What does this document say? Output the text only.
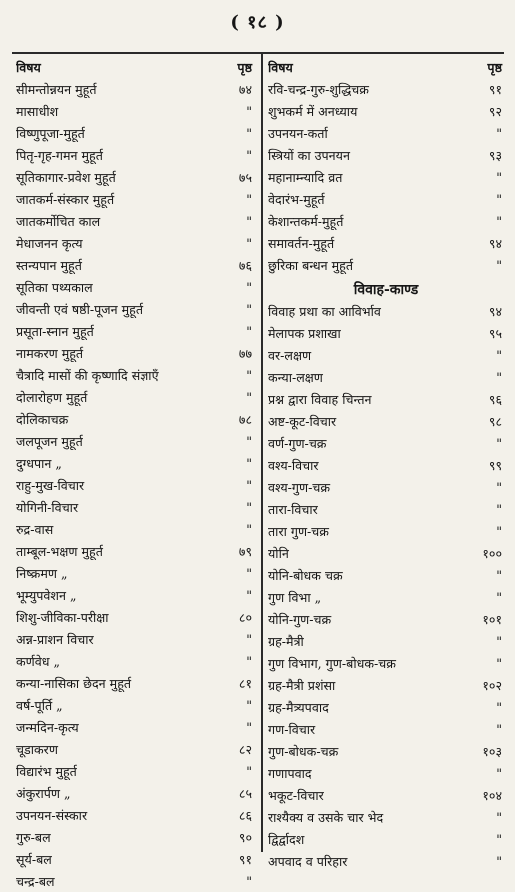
( १८ )
विषय	पृष्ठ
सीमन्तोन्नयन मुहूर्त	७४
मासाधीश	"
विष्णुपूजा-मुहूर्त	"
पितृ-गृह-गमन मुहूर्त	"
सूतिकागार-प्रवेश मुहूर्त	७५
जातकर्म-संस्कार मुहूर्त	"
जातकर्मोचित काल	"
मेधाजनन कृत्य	"
स्तन्यपान मुहूर्त	७६
सूतिका पथ्यकाल	"
जीवन्ती एवं षष्ठी-पूजन मुहूर्त	"
प्रसूता-स्नान मुहूर्त	"
नामकरण मुहूर्त	७७
चैत्रादि मासों की कृष्णादि संज्ञाएँ	"
दोलारोहण मुहूर्त	"
दोलिकाचक्र	७८
जलपूजन मुहूर्त	"
दुग्धपान „	"
राहु-मुख-विचार	"
योगिनी-विचार	"
रुद्र-वास	"
ताम्बूल-भक्षण मुहूर्त	७९
निष्क्रमण „	"
भूम्युपवेशन „	"
शिशु-जीविका-परीक्षा	८०
अन्न-प्राशन विचार	"
कर्णवेध „	"
कन्या-नासिका छेदन मुहूर्त	८१
वर्ष-पूर्ति „	"
जन्मदिन-कृत्य	"
चूडाकरण	८२
विद्यारंभ मुहूर्त	"
अंकुरार्पण „	८५
उपनयन-संस्कार	८६
गुरु-बल	९०
सूर्य-बल	९१
चन्द्र-बल	"
विषय	पृष्ठ
रवि-चन्द्र-गुरु-शुद्धिचक्र	९१
शुभकर्म में अनध्याय	९२
उपनयन-कर्ता	"
स्त्रियों का उपनयन	९३
महानाम्न्यादि व्रत	"
वेदारंभ-मुहूर्त	"
केशान्तकर्म-मुहूर्त	"
समावर्तन-मुहूर्त	९४
छुरिका बन्धन मुहूर्त	"
विवाह-काण्ड
विवाह प्रथा का आविर्भाव	९४
मेलापक प्रशाखा	९५
वर-लक्षण	"
कन्या-लक्षण	"
प्रश्न द्वारा विवाह चिन्तन	९६
अष्ट-कूट-विचार	९८
वर्ण-गुण-चक्र	"
वश्य-विचार	९९
वश्य-गुण-चक्र	"
तारा-विचार	"
तारा गुण-चक्र	"
योनि	१००
योनि-बोधक चक्र	"
गुण विभा „	"
योनि-गुण-चक्र	१०१
ग्रह-मैत्री	"
गुण विभाग, गुण-बोधक-चक्र	"
ग्रह-मैत्री प्रशंसा	१०२
ग्रह-मैत्र्यपवाद	"
गण-विचार	"
गुण-बोधक-चक्र	१०३
गणापवाद	"
भकूट-विचार	१०४
राश्यैक्य व उसके चार भेद	"
द्विर्द्वादश	"
अपवाद व परिहार	"
